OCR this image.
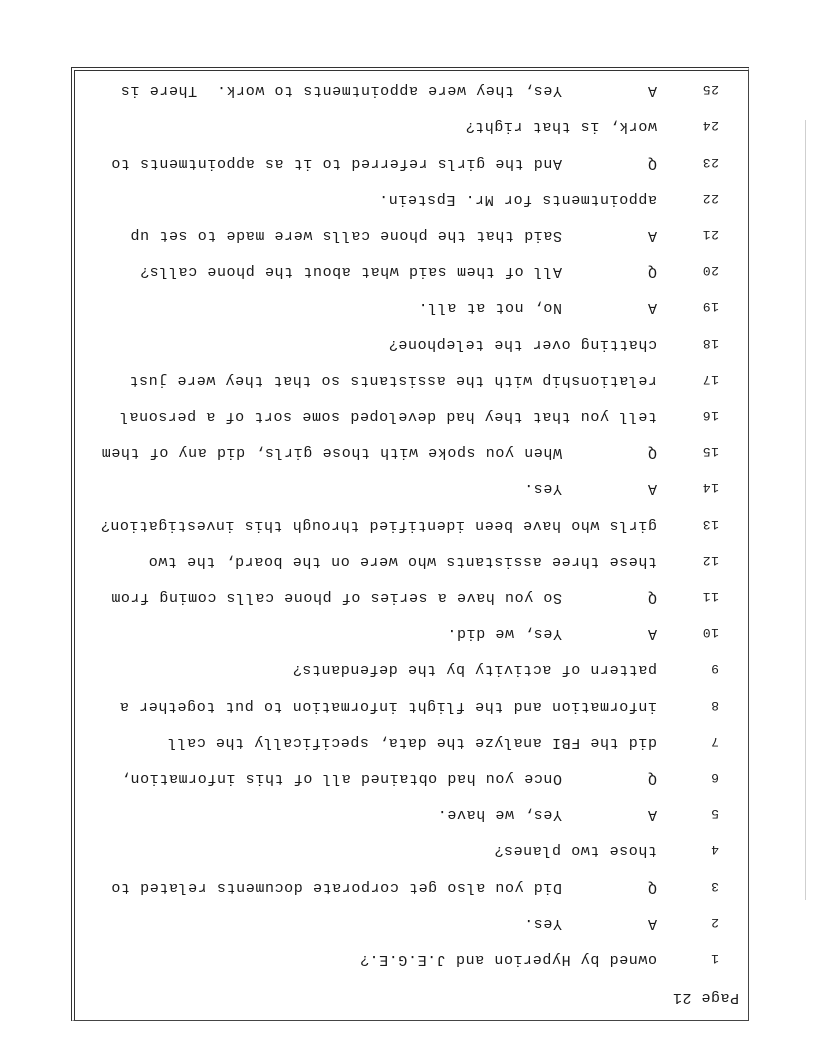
Page 21
1
owned by Hyperion and J.E.G.E.?
2
A
Yes.
3
Q
Did you also get corporate documents related to
4
those two planes?
5
A
Yes, we have.
6
Q
Once you had obtained all of this information,
7
did the FBI analyze the data, specifically the call
8
information and the flight information to put together a
9
pattern of activity by the defendants?
10
A
Yes, we did.
11
Q
So you have a series of phone calls coming from
12
these three assistants who were on the board, the two
13
girls who have been identified through this investigation?
14
A
Yes.
15
Q
When you spoke with those girls, did any of them
16
tell you that they had developed some sort of a personal
17
relationship with the assistants so that they were just
18
chatting over the telephone?
19
A
No, not at all.
20
Q
All of them said what about the phone calls?
21
A
Said that the phone calls were made to set up
22
appointments for Mr. Epstein.
23
Q
And the girls referred to it as appointments to
24
work, is that right?
25
A
Yes, they were appointments to work.  There is
